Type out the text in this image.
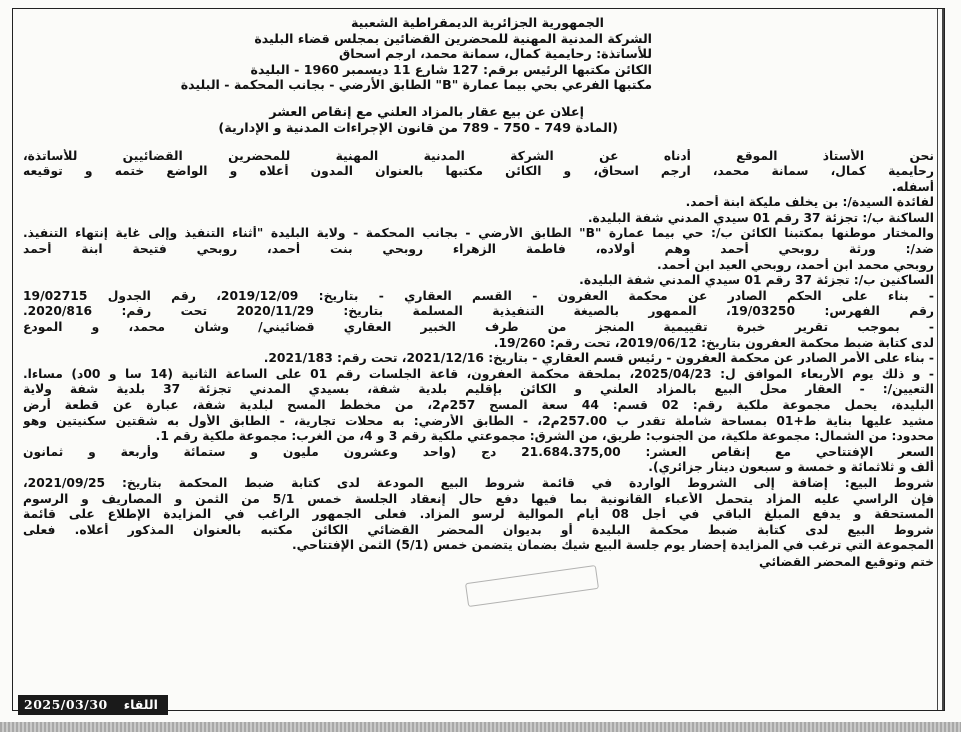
الجمهورية الجزائرية الديمقراطية الشعبية
الشركة المدنية المهنية للمحضرين القضائين بمجلس قضاء البليدة
للأساتذة: رحايمية كمال، سمانة محمد، ارجم اسحاق
الكائن مكتبها الرئيس برقم: 127 شارع 11 ديسمبر 1960 - البليدة
مكتبها الفرعي بحي بيما عمارة "B" الطابق الأرضي - بجانب المحكمة - البليدة
إعلان عن بيع عقار بالمزاد العلني مع إنقاص العشر
(المادة 749 - 750 - 789 من قانون الإجراءات المدنية و الإدارية)
نحن الأستاذ الموقع أدناه عن الشركة المدنية المهنية للمحضرين القضائيين للأساتذة،
رحايمية كمال، سمانة محمد، ارجم اسحاق، و الكائن مكتبها بالعنوان المدون أعلاه و الواضع ختمه و توقيعه
أسفله.
لفائدة السيدة/: بن يخلف مليكة ابنة أحمد.
الساكنة ب/: تجزئة 37 رقم 01 سيدي المدني شفة البليدة.
والمختار موطنها بمكتبنا الكائن ب/: حي بيما عمارة "B" الطابق الأرضي - بجانب المحكمة - ولاية البليدة "أثناء التنفيذ وإلى غاية إنتهاء التنفيذ.
ضد/: ورثة روبحي أحمد وهم أولاده، فاطمة الزهراء روبحي بنت أحمد، روبحي فتيحة ابنة أحمد
روبحي محمد ابن أحمد، روبحي العيد ابن أحمد.
الساكنين ب/: تجزئة 37 رقم 01 سيدي المدني شفة البليدة.
- بناء على الحكم الصادر عن محكمة العفرون - القسم العقاري - بتاريخ: 2019/12/09، رقم الجدول 19/02715
رقم الفهرس: 19/03250، الممهور بالصيغة التنفيذية المسلمة بتاريخ: 2020/11/29 تحت رقم: 2020/816.
- بموجب تقرير خبرة تقييمية المنجز من طرف الخبير العقاري قضائيني/ وشان محمد، و المودع
لدى كتابة ضبط محكمة العفرون بتاريخ: 2019/06/12، تحت رقم: 19/260.
- بناء على الأمر الصادر عن محكمة العفرون - رئيس قسم العقاري - بتاريخ: 2021/12/16، تحت رقم: 2021/183.
- و ذلك يوم الأربعاء الموافق ل: 2025/04/23، بملحقة محكمة العفرون، قاعة الجلسات رقم 01 على الساعة الثانية (14 سا و 00د) مساءا.
التعيين/: - العقار محل البيع بالمزاد العلني و الكائن بإقليم بلدية شفة، بسيدي المدني تجزئة 37 بلدية شفة ولاية
البليدة، يحمل مجموعة ملكية رقم: 02 قسم: 44 سعة المسح 257م2، من مخطط المسح لبلدية شفة، عبارة عن قطعة أرض
مشيد عليها بناية ط+01 بمساحة شاملة تقدر ب 257.00م2، - الطابق الأرضي: به محلات تجارية، - الطابق الأول به شقتين سكنيتين وهو
محدود: من الشمال: مجموعة ملكية، من الجنوب: طريق، من الشرق: مجموعتي ملكية رقم 3 و 4، من الغرب: مجموعة ملكية رقم 1.
السعر الإفتتاحي مع إنقاص العشر: 21.684.375,00 دج (واحد وعشرون مليون و ستمائة وأربعة و ثمانون
ألف و ثلاثمائة و خمسة و سبعون دينار جزائري).
شروط البيع: إضافة إلى الشروط الواردة في قائمة شروط البيع المودعة لدى كتابة ضبط المحكمة بتاريخ: 2021/09/25،
فإن الراسي عليه المزاد يتحمل الأعباء القانونية بما فيها دفع حال إنعقاد الجلسة خمس 5/1 من الثمن و المصاريف و الرسوم
المستحقة و يدفع المبلغ الباقي في أجل 08 أيام الموالية لرسو المزاد. فعلى الجمهور الراغب في المزايدة الإطلاع على قائمة
شروط البيع لدى كتابة ضبط محكمة البليدة أو بديوان المحضر القضائي الكائن مكتبه بالعنوان المذكور أعلاه. فعلى
المجموعة التي ترغب في المزايدة إحضار يوم جلسة البيع شيك بضمان يتضمن خمس (5/1) الثمن الإفتتاحي.
ختم وتوقيع المحضر القضائي
2025/03/30	اللقاء
